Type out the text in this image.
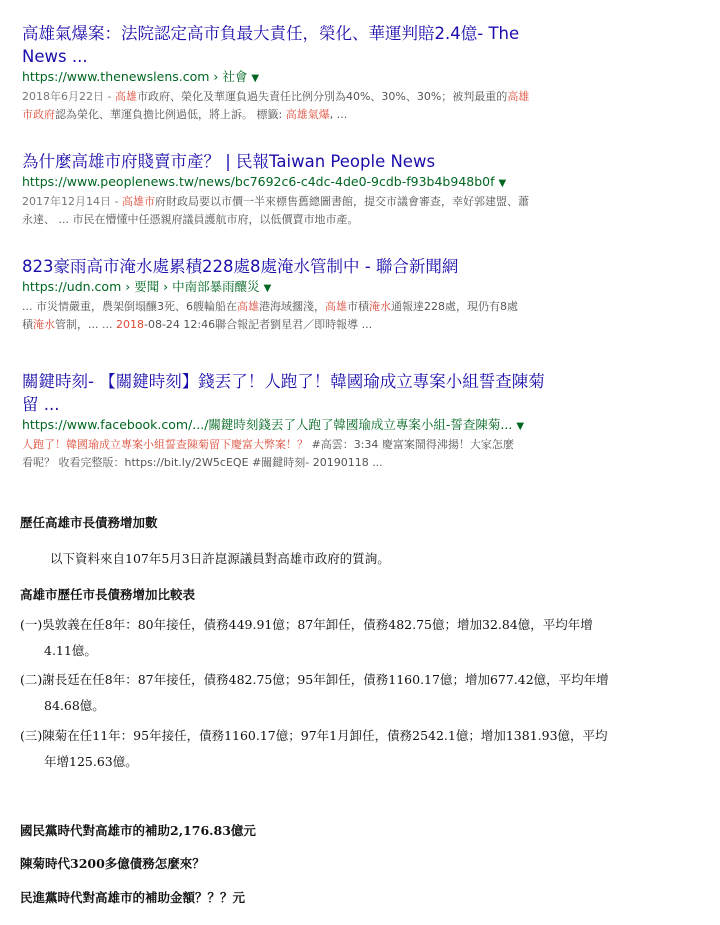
高雄氣爆案：法院認定高市負最大責任，榮化、華運判賠2.4億- The
News ...
https://www.thenewslens.com › 社會 ▼
2018年6月22日 - 高雄市政府、榮化及華運負過失責任比例分別為40%、30%、30%；被判最重的高雄
市政府認為榮化、華運負擔比例過低，將上訴。 標籤: 高雄氣爆, ...
為什麼高雄市府賤賣市產？ | 民報Taiwan People News
https://www.peoplenews.tw/news/bc7692c6-c4dc-4de0-9cdb-f93b4b948b0f ▼
2017年12月14日 - 高雄市府財政局要以市價一半來標售舊總圖書館，提交市議會審查，幸好郭建盟、蕭
永達、 ... 市民在懵懂中任憑親府議員護航市府，以低價賣市地市產。
823豪雨高市淹水處累積228處8處淹水管制中 - 聯合新聞網
https://udn.com › 要聞 › 中南部暴雨釀災 ▼
... 市災情嚴重，農架倒塌釀3死、6艘輪船在高雄港海域擱淺，高雄市積淹水通報達228處，現仍有8處
積淹水管制，... ... 2018-08-24 12:46聯合報記者劉星君／即時報導 ...
關鍵時刻- 【關鍵時刻】錢丟了！人跑了！韓國瑜成立專案小組誓查陳菊
留 ...
https://www.facebook.com/.../關鍵時刻錢丟了人跑了韓國瑜成立專案小組-誓查陳菊... ▼
人跑了！韓國瑜成立專案小組誓查陳菊留下慶富大弊案！？ #高雲：3:34 慶富案鬧得沸揚！大家怎麼
看呢？ 收看完整版：https://bit.ly/2W5cEQE #關鍵時刻- 20190118 ...
歷任高雄市長債務增加數
以下資料來自107年5月3日許崑源議員對高雄市政府的質詢。
高雄市歷任市長債務增加比較表
(一)吳敦義在任8年：80年接任，債務449.91億；87年卸任，債務482.75億；增加32.84億，平均年增
4.11億。
(二)謝長廷在任8年：87年接任，債務482.75億；95年卸任，債務1160.17億；增加677.42億，平均年增
84.68億。
(三)陳菊在任11年：95年接任，債務1160.17億；97年1月卸任，債務2542.1億；增加1381.93億，平均
年增125.63億。
國民黨時代對高雄市的補助2,176.83億元
陳菊時代3200多億債務怎麼來？
民進黨時代對高雄市的補助金額？？？元
